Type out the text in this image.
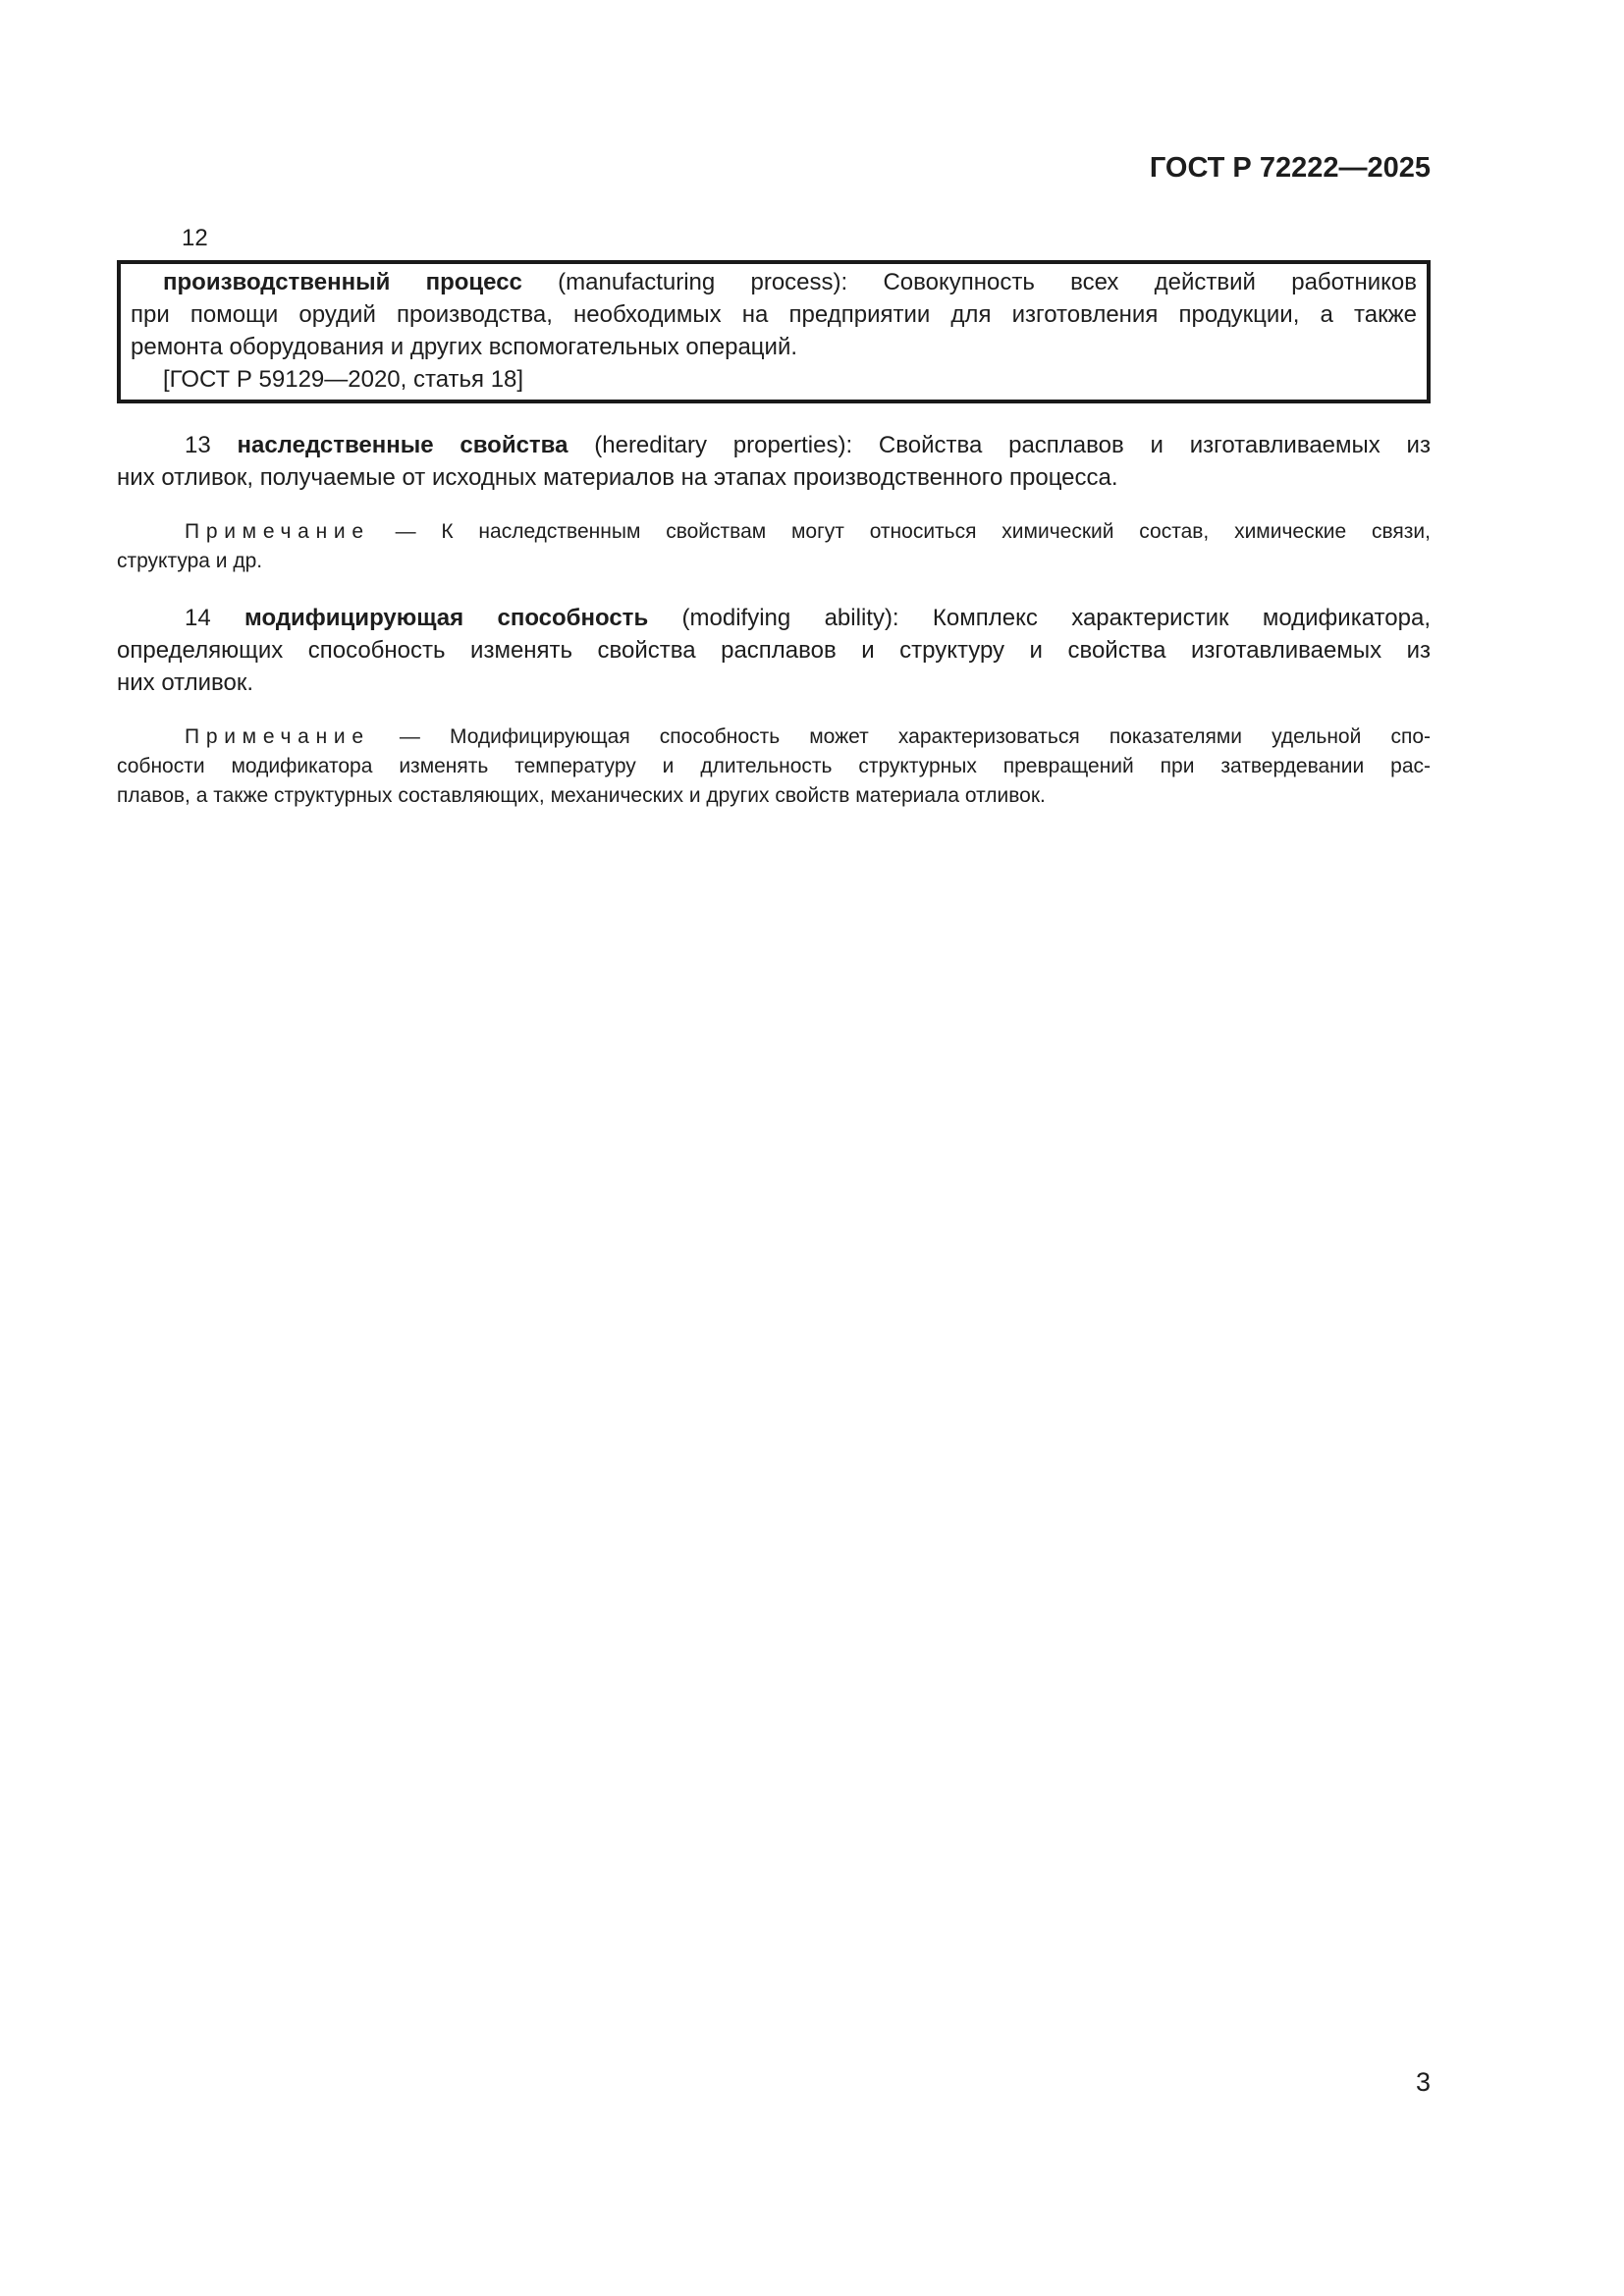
ГОСТ Р 72222—2025
12
производственный процесс (manufacturing process): Совокупность всех действий работников
при помощи орудий производства, необходимых на предприятии для изготовления продукции, а также
ремонта оборудования и других вспомогательных операций.
[ГОСТ Р 59129—2020, статья 18]
13 наследственные свойства (hereditary properties): Свойства расплавов и изготавливаемых из
них отливок, получаемые от исходных материалов на этапах производственного процесса.
Примечание — К наследственным свойствам могут относиться химический состав, химические связи,
структура и др.
14 модифицирующая способность (modifying ability): Комплекс характеристик модификатора,
определяющих способность изменять свойства расплавов и структуру и свойства изготавливаемых из
них отливок.
Примечание — Модифицирующая способность может характеризоваться показателями удельной спо-
собности модификатора изменять температуру и длительность структурных превращений при затвердевании рас-
плавов, а также структурных составляющих, механических и других свойств материала отливок.
3
